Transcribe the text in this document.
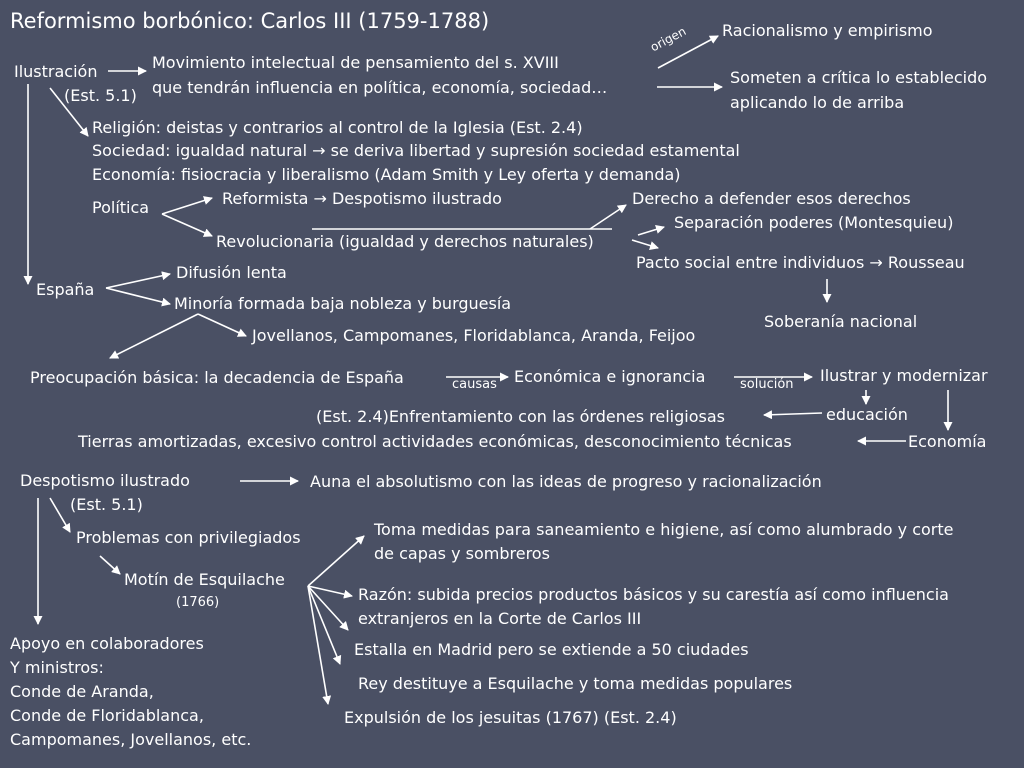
Reformismo borbónico: Carlos III (1759-1788)
Ilustración
(Est. 5.1)
Movimiento intelectual de pensamiento del s. XVIII
que tendrán influencia en política, economía, sociedad…
origen Racionalismo y empirismo
Someten a crítica lo establecido
aplicando lo de arriba
Religión: deistas y contrarios al control de la Iglesia (Est. 2.4)
Sociedad: igualdad natural → se deriva libertad y supresión sociedad estamental
Economía: fisiocracia y liberalismo (Adam Smith y Ley oferta y demanda)
Política	Reformista → Despotismo ilustrado
Revolucionaria (igualdad y derechos naturales)
Derecho a defender esos derechos
Separación poderes (Montesquieu)
Pacto social entre individuos → Rousseau
Soberanía nacional
España
Difusión lenta
Minoría formada baja nobleza y burguesía
Jovellanos, Campomanes, Floridablanca, Aranda, Feijoo
Preocupación básica: la decadencia de España	causas Económica e ignorancia	solución Ilustrar y modernizar
(Est. 2.4)Enfrentamiento con las órdenes religiosas	educación
Tierras amortizadas, excesivo control actividades económicas, desconocimiento técnicas	Economía
Despotismo ilustrado
(Est. 5.1)
Auna el absolutismo con las ideas de progreso y racionalización
Problemas con privilegiados
Motín de Esquilache
(1766)
Toma medidas para saneamiento e higiene, así como alumbrado y corte
de capas y sombreros
Razón: subida precios productos básicos y su carestía así como influencia
extranjeros en la Corte de Carlos III
Estalla en Madrid pero se extiende a 50 ciudades
Rey destituye a Esquilache y toma medidas populares
Expulsión de los jesuitas (1767) (Est. 2.4)
Apoyo en colaboradores
Y ministros:
Conde de Aranda,
Conde de Floridablanca,
Campomanes, Jovellanos, etc.
